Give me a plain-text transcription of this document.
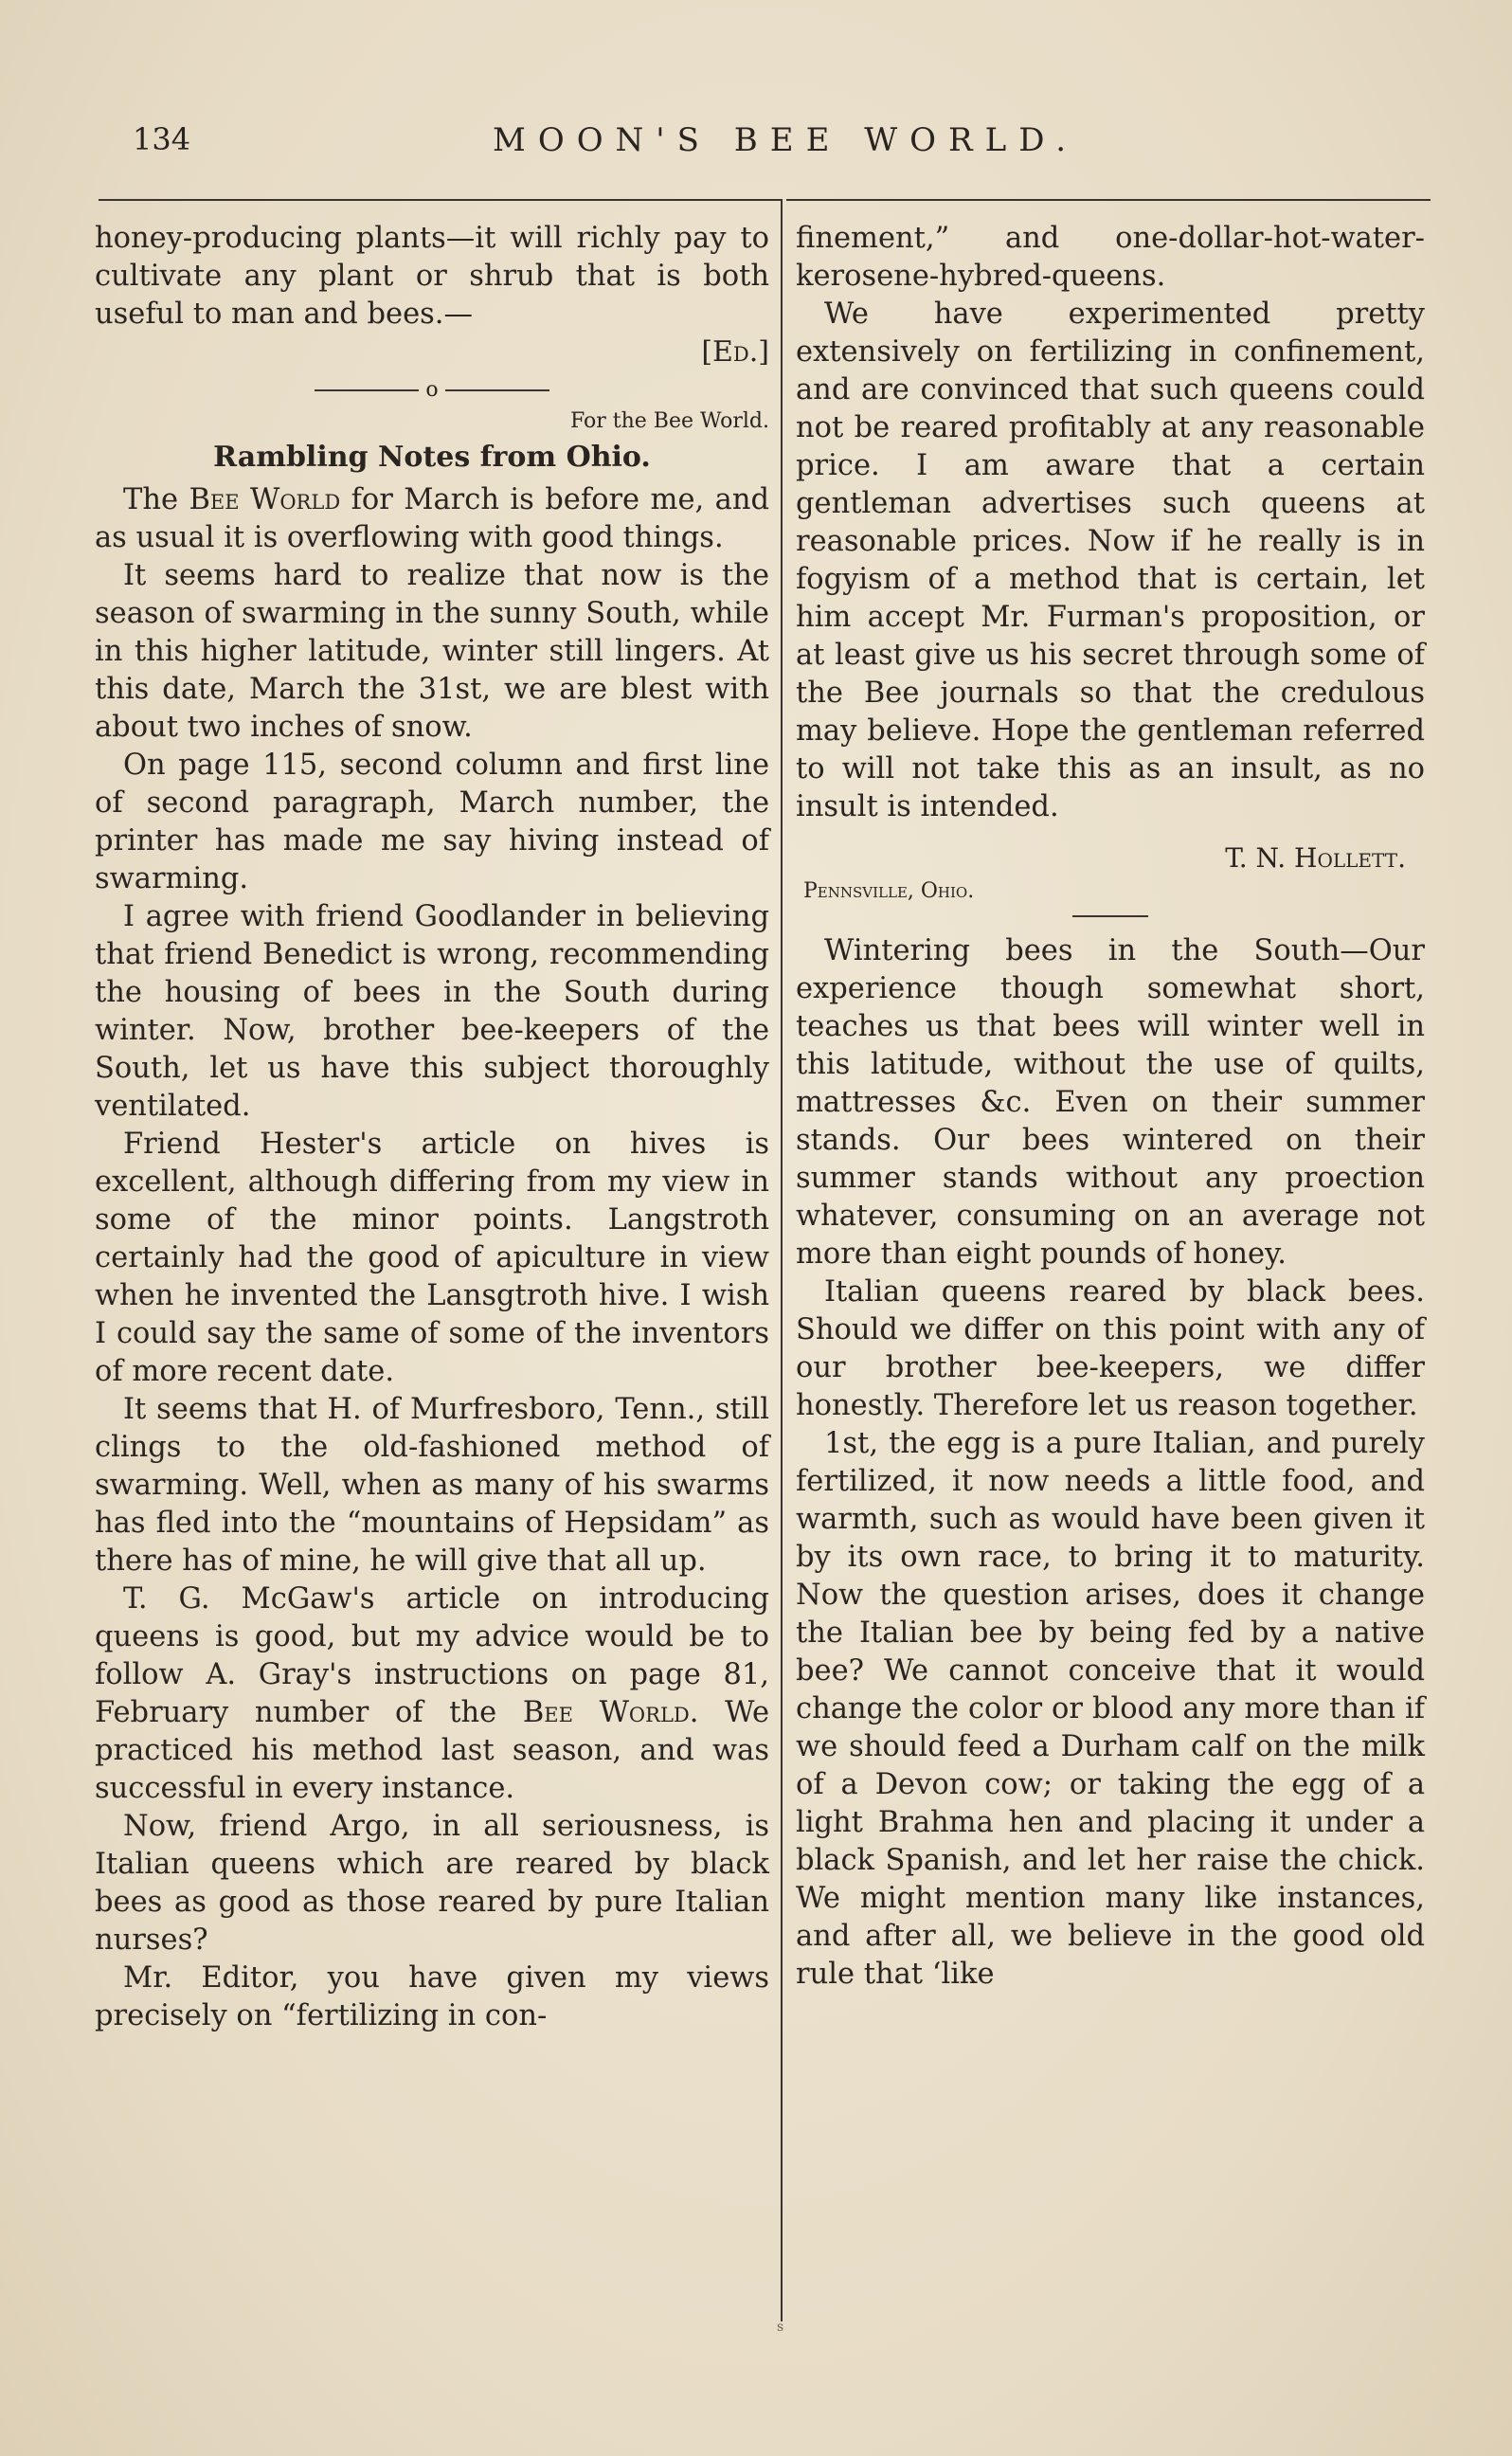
134	MOON'S BEE WORLD.

honey-producing plants—it will richly pay to cultivate any plant or shrub that is both useful to man and bees.—

[Ed.]

o

For the Bee World.

Rambling Notes from Ohio.

The Bee World for March is before me, and as usual it is overflowing with good things.

It seems hard to realize that now is the season of swarming in the sunny South, while in this higher latitude, winter still lingers. At this date, March the 31st, we are blest with about two inches of snow.

On page 115, second column and first line of second paragraph, March number, the printer has made me say hiving instead of swarming.

I agree with friend Goodlander in believing that friend Benedict is wrong, recommending the housing of bees in the South during winter. Now, brother bee-keepers of the South, let us have this subject thoroughly ventilated.

Friend Hester's article on hives is excellent, although differing from my view in some of the minor points. Langstroth certainly had the good of apiculture in view when he invented the Lansgtroth hive. I wish I could say the same of some of the inventors of more recent date.

It seems that H. of Murfresboro, Tenn., still clings to the old-fashioned method of swarming. Well, when as many of his swarms has fled into the “mountains of Hepsidam” as there has of mine, he will give that all up.

T. G. McGaw's article on introducing queens is good, but my advice would be to follow A. Gray's instructions on page 81, February number of the Bee World. We practiced his method last season, and was successful in every instance.

Now, friend Argo, in all seriousness, is Italian queens which are reared by black bees as good as those reared by pure Italian nurses?

Mr. Editor, you have given my views precisely on “fertilizing in con-

finement,” and one-dollar-hot-water-kerosene-hybred-queens.

We have experimented pretty extensively on fertilizing in confinement, and are convinced that such queens could not be reared profitably at any reasonable price. I am aware that a certain gentleman advertises such queens at reasonable prices. Now if he really is in fogyism of a method that is certain, let him accept Mr. Furman's proposition, or at least give us his secret through some of the Bee journals so that the credulous may believe. Hope the gentleman referred to will not take this as an insult, as no insult is intended.

T. N. Hollett.

Pennsville, Ohio.

Wintering bees in the South—Our experience though somewhat short, teaches us that bees will winter well in this latitude, without the use of quilts, mattresses &c. Even on their summer stands. Our bees wintered on their summer stands without any proection whatever, consuming on an average not more than eight pounds of honey.

Italian queens reared by black bees. Should we differ on this point with any of our brother bee-keepers, we differ honestly. Therefore let us reason together.

1st, the egg is a pure Italian, and purely fertilized, it now needs a little food, and warmth, such as would have been given it by its own race, to bring it to maturity. Now the question arises, does it change the Italian bee by being fed by a native bee? We cannot conceive that it would change the color or blood any more than if we should feed a Durham calf on the milk of a Devon cow; or taking the egg of a light Brahma hen and placing it under a black Spanish, and let her raise the chick. We might mention many like instances, and after all, we believe in the good old rule that ‘like

s
